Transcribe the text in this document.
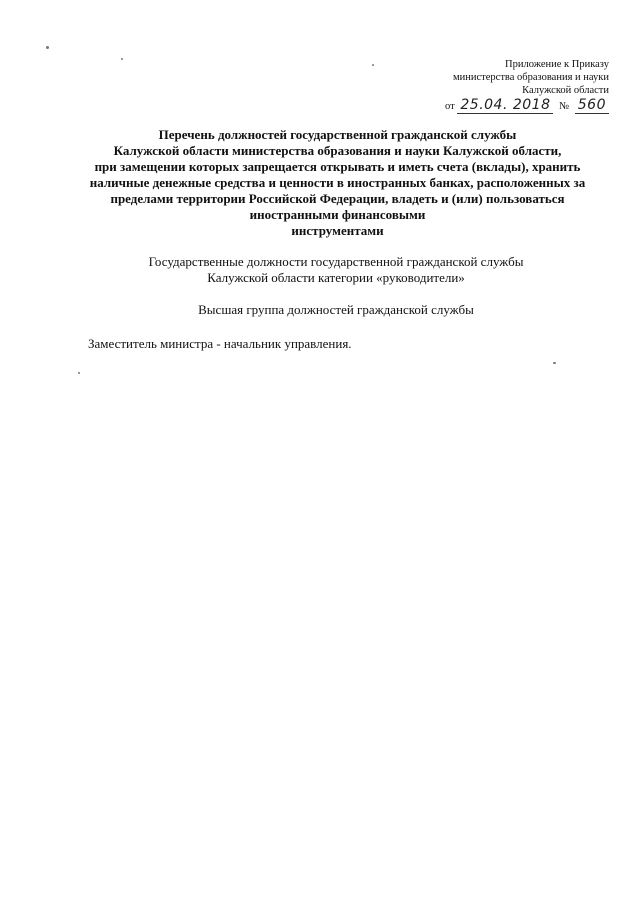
Приложение к Приказу
министерства образования и науки
Калужской области
от 25.04. 2018 № 560
Перечень должностей государственной гражданской службы
Калужской области министерства образования и науки Калужской области,
при замещении которых запрещается открывать и иметь счета (вклады), хранить
наличные денежные средства и ценности в иностранных банках, расположенных за
пределами территории Российской Федерации, владеть и (или) пользоваться
иностранными финансовыми
инструментами
Государственные должности государственной гражданской службы
Калужской области категории «руководители»
Высшая группа должностей гражданской службы
Заместитель министра - начальник управления.
